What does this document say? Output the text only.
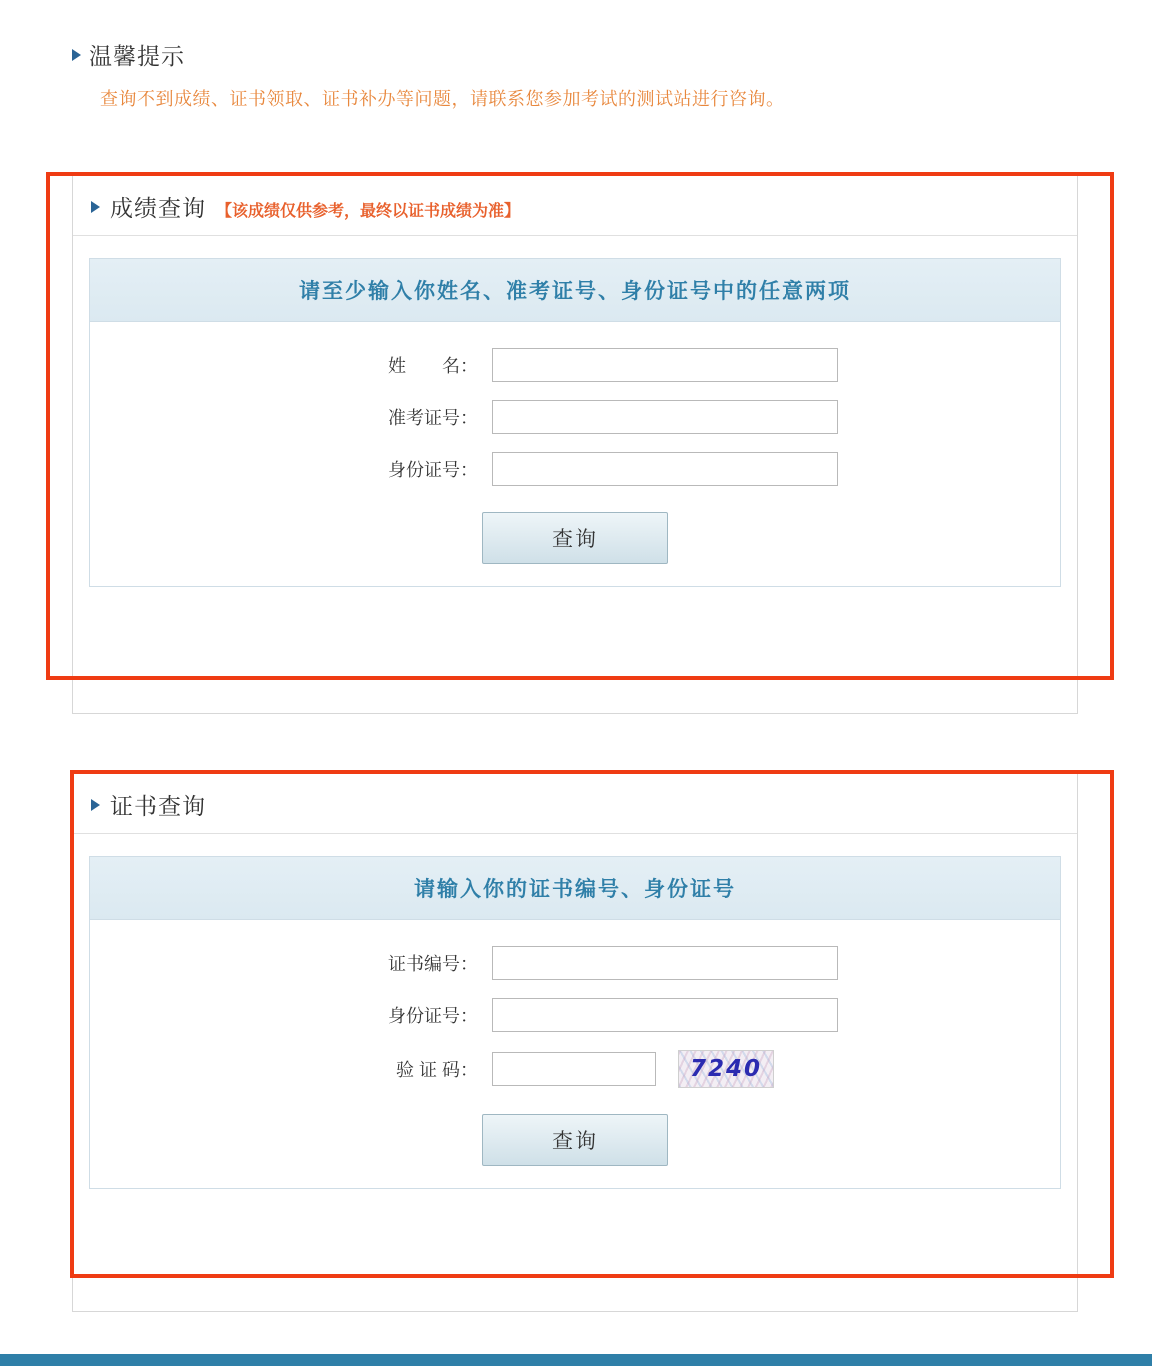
温馨提示
查询不到成绩、证书领取、证书补办等问题，请联系您参加考试的测试站进行咨询。
成绩查询 【该成绩仅供参考，最终以证书成绩为准】
请至少输入你姓名、准考证号、身份证号中的任意两项
姓　　名：
准考证号：
身份证号：
查询
证书查询
请输入你的证书编号、身份证号
证书编号：
身份证号：
验 证 码：	7240
查询
